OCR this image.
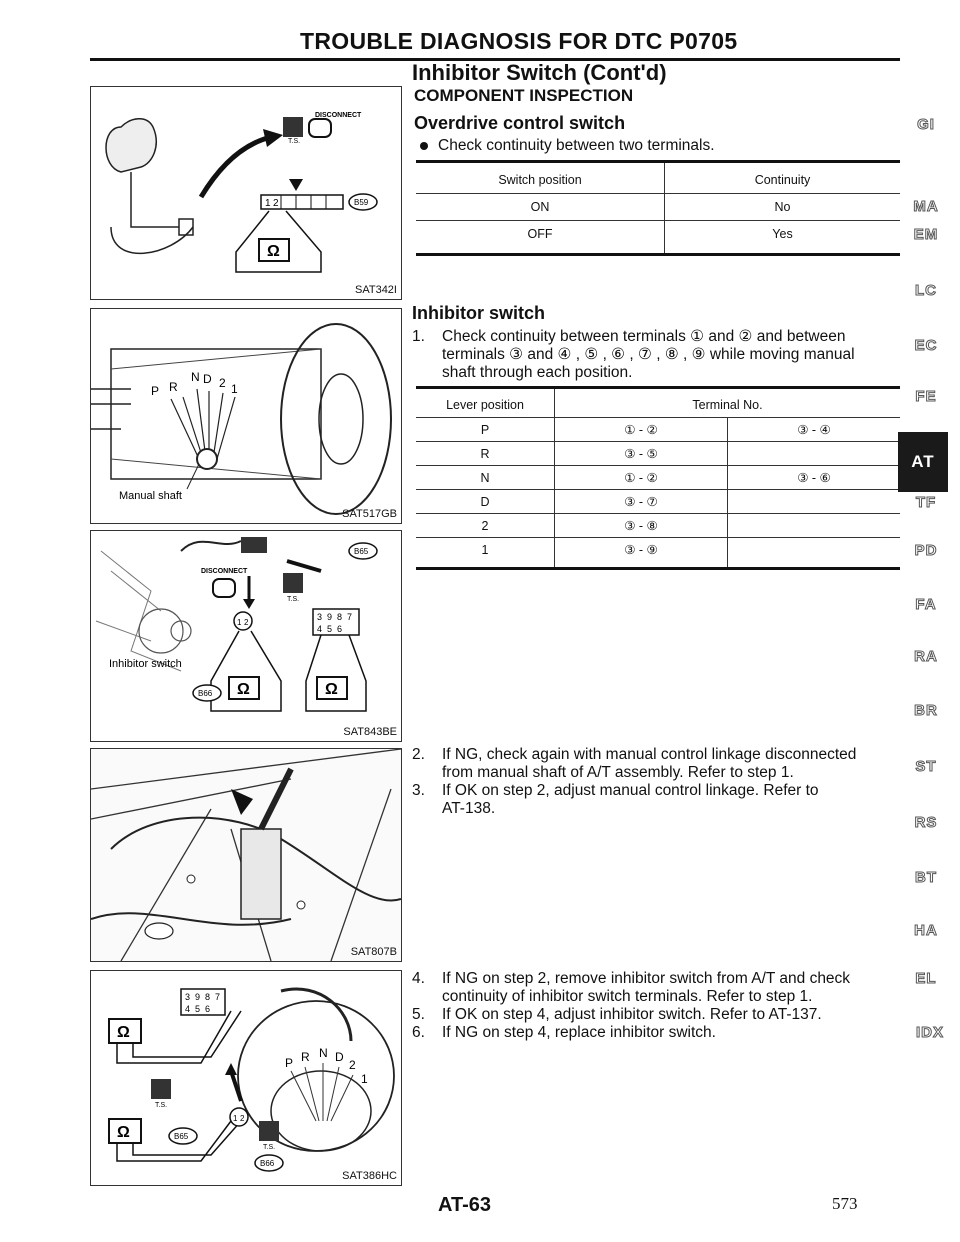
TROUBLE DIAGNOSIS FOR DTC P0705
Inhibitor Switch (Cont'd)
COMPONENT INSPECTION
Overdrive control switch
Check continuity between two terminals.
Switch position	Continuity
ON	No
OFF	Yes
Inhibitor switch
1.	Check continuity between terminals ① and ② and between
terminals ③ and ④ , ⑤ , ⑥ , ⑦ , ⑧ , ⑨ while moving manual
shaft through each position.
Lever position	Terminal No.	
P	① - ②	③ - ④
R	③ - ⑤	
N	① - ②	③ - ⑥
D	③ - ⑦	
2	③ - ⑧	
1	③ - ⑨	
2.	If NG, check again with manual control linkage disconnected
from manual shaft of A/T assembly. Refer to step 1.
3.	If OK on step 2, adjust manual control linkage. Refer to
AT-138.
4.	If NG on step 2, remove inhibitor switch from A/T and check
continuity of inhibitor switch terminals. Refer to step 1.
5.	If OK on step 4, adjust inhibitor switch. Refer to AT-137.
6.	If NG on step 4, replace inhibitor switch.
T.S.
DISCONNECT
1 2	B59
Ω
SAT342I
P R
N D 2 1
Manual shaft
SAT517GB
DISCONNECT
T.S.
B65
1 2
3 9 8 7
4 5 6
Ω	Ω
B66
Inhibitor switch
SAT843BE
SAT807B
Ω
3 9 8 7
4 5 6
P R N D
2
1
T.S.
Ω	B65
1 2
T.S.
B66
SAT386HC
GI
MA
EM
LC
EC
FE
AT
TF
PD
FA
RA
BR
ST
RS
BT
HA
EL
IDX
AT-63	573
